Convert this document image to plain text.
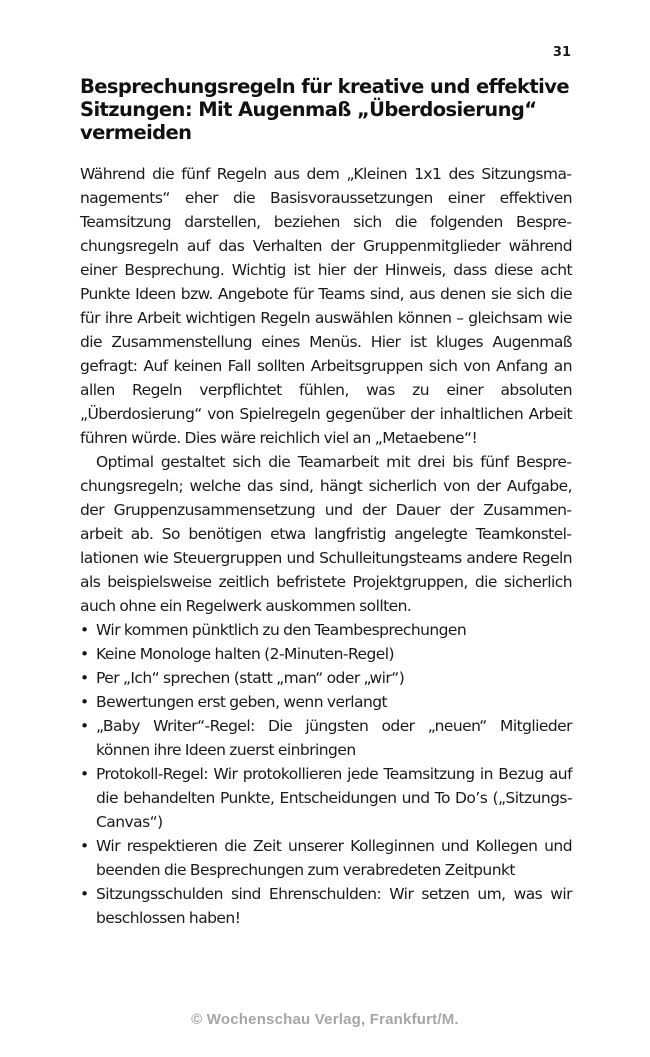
31
Besprechungsregeln für kreative und effektive Sitzungen: Mit Augenmaß „Überdosierung“ vermeiden

Während die fünf Regeln aus dem „Kleinen 1x1 des Sitzungsmanagements“ eher die Basisvoraussetzungen einer effektiven Teamsitzung darstellen, beziehen sich die folgenden Besprechungsregeln auf das Verhalten der Gruppenmitglieder während einer Besprechung. Wichtig ist hier der Hinweis, dass diese acht Punkte Ideen bzw. Angebote für Teams sind, aus denen sie sich die für ihre Arbeit wichtigen Regeln auswählen können – gleichsam wie die Zusammenstellung eines Menüs. Hier ist kluges Augenmaß gefragt: Auf keinen Fall sollten Arbeitsgruppen sich von Anfang an allen Regeln verpflichtet fühlen, was zu einer absoluten „Überdosierung“ von Spielregeln gegenüber der inhaltlichen Arbeit führen würde. Dies wäre reichlich viel an „Metaebene“!

Optimal gestaltet sich die Teamarbeit mit drei bis fünf Besprechungsregeln; welche das sind, hängt sicherlich von der Aufgabe, der Gruppenzusammensetzung und der Dauer der Zusammenarbeit ab. So benötigen etwa langfristig angelegte Teamkonstellationen wie Steuergruppen und Schulleitungsteams andere Regeln als beispielsweise zeitlich befristete Projektgruppen, die sicherlich auch ohne ein Regelwerk auskommen sollten.

• Wir kommen pünktlich zu den Teambesprechungen
• Keine Monologe halten (2-Minuten-Regel)
• Per „Ich“ sprechen (statt „man“ oder „wir“)
• Bewertungen erst geben, wenn verlangt
• „Baby Writer“-Regel: Die jüngsten oder „neuen“ Mitglieder können ihre Ideen zuerst einbringen
• Protokoll-Regel: Wir protokollieren jede Teamsitzung in Bezug auf die behandelten Punkte, Entscheidungen und To Do’s („Sitzungs-Canvas“)
• Wir respektieren die Zeit unserer Kolleginnen und Kollegen und beenden die Besprechungen zum verabredeten Zeitpunkt
• Sitzungsschulden sind Ehrenschulden: Wir setzen um, was wir beschlossen haben!
© Wochenschau Verlag, Frankfurt/M.
